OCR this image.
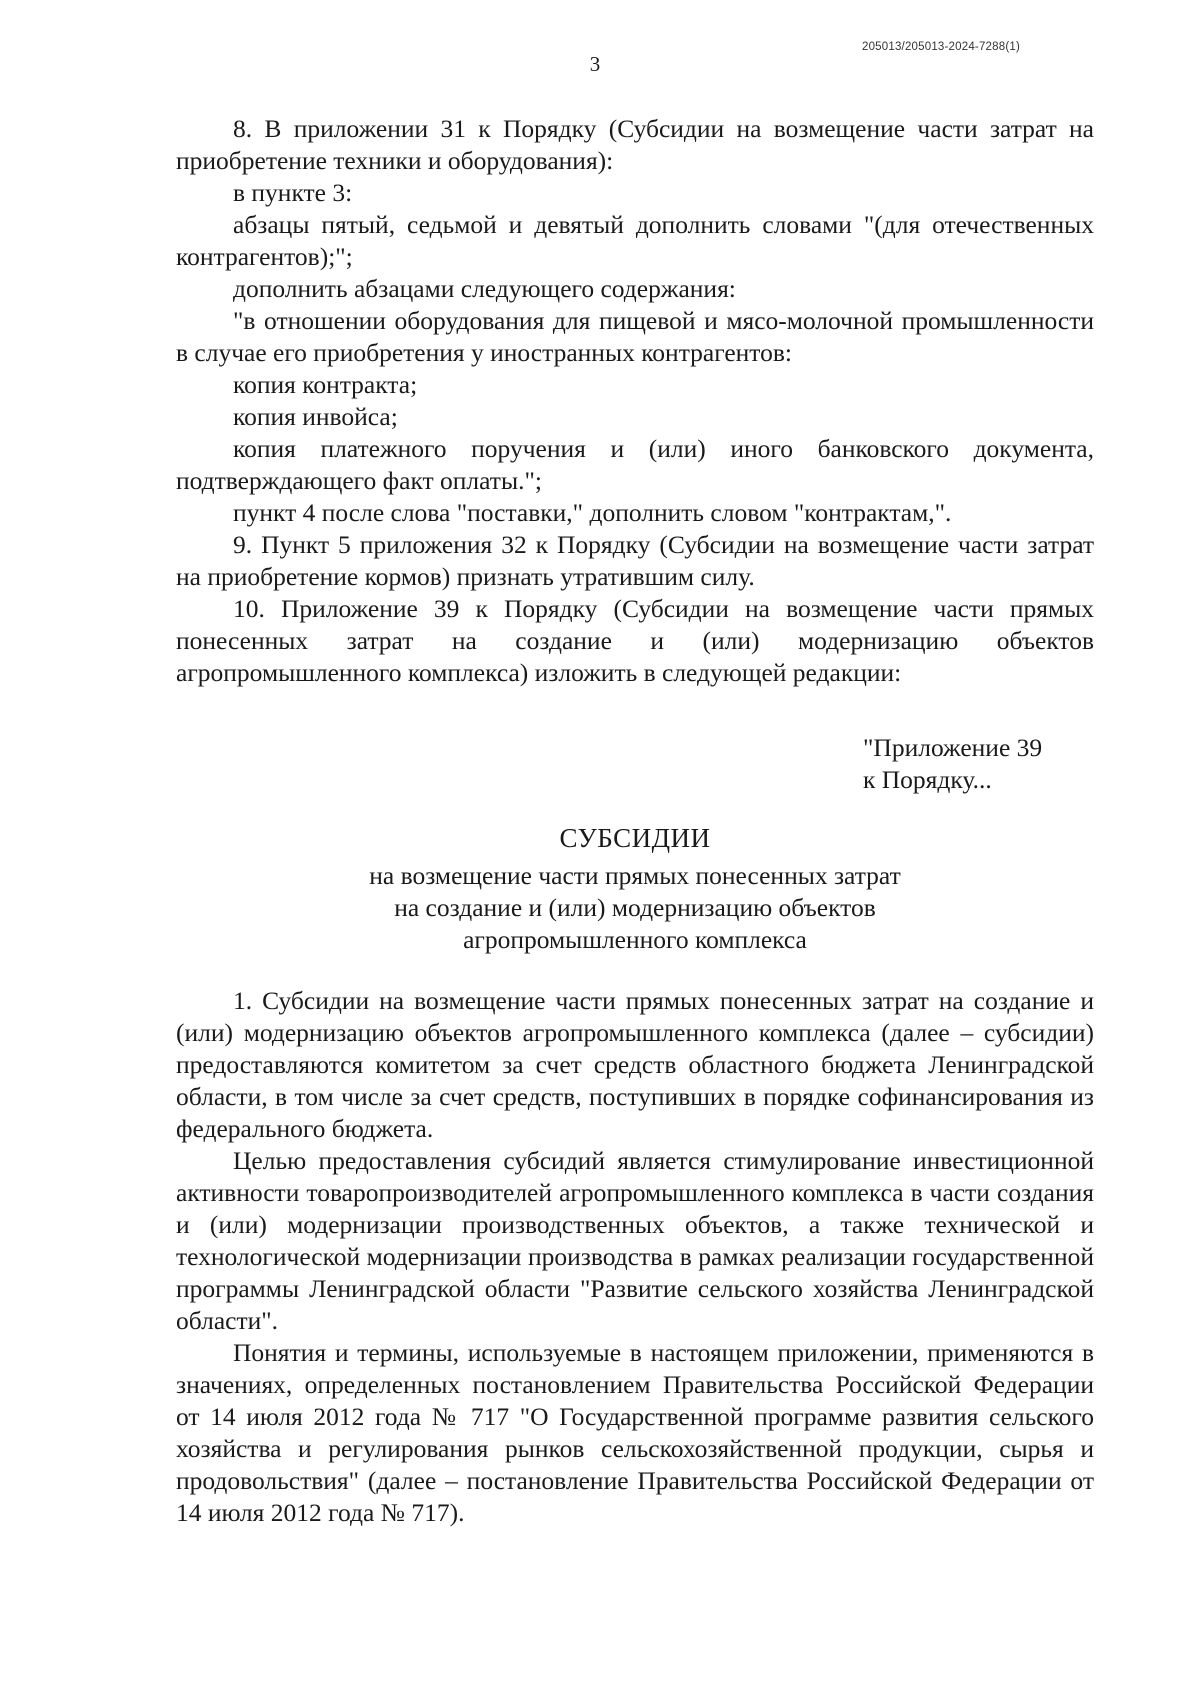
205013/205013-2024-7288(1)
3

8. В приложении 31 к Порядку (Субсидии на возмещение части затрат на приобретение техники и оборудования):

в пункте 3:

абзацы пятый, седьмой и девятый дополнить словами "(для отечественных контрагентов);";

дополнить абзацами следующего содержания:

"в отношении оборудования для пищевой и мясо-молочной промышленности в случае его приобретения у иностранных контрагентов:

копия контракта;

копия инвойса;

копия платежного поручения и (или) иного банковского документа, подтверждающего факт оплаты.";

пункт 4 после слова "поставки," дополнить словом "контрактам,".

9. Пункт 5 приложения 32 к Порядку (Субсидии на возмещение части затрат на приобретение кормов) признать утратившим силу.

10. Приложение 39 к Порядку (Субсидии на возмещение части прямых понесенных затрат на создание и (или) модернизацию объектов агропромышленного комплекса) изложить в следующей редакции:

"Приложение 39
к Порядку...
СУБСИДИИ
на возмещение части прямых понесенных затрат
на создание и (или) модернизацию объектов
агропромышленного комплекса

1. Субсидии на возмещение части прямых понесенных затрат на создание и (или) модернизацию объектов агропромышленного комплекса (далее – субсидии) предоставляются комитетом за счет средств областного бюджета Ленинградской области, в том числе за счет средств, поступивших в порядке софинансирования из федерального бюджета.

Целью предоставления субсидий является стимулирование инвестиционной активности товаропроизводителей агропромышленного комплекса в части создания и (или) модернизации производственных объектов, а также технической и технологической модернизации производства в рамках реализации государственной программы Ленинградской области "Развитие сельского хозяйства Ленинградской области".

Понятия и термины, используемые в настоящем приложении, применяются в значениях, определенных постановлением Правительства Российской Федерации от 14 июля 2012 года № 717 "О Государственной программе развития сельского хозяйства и регулирования рынков сельскохозяйственной продукции, сырья и продовольствия" (далее – постановление Правительства Российской Федерации от 14 июля 2012 года № 717).
